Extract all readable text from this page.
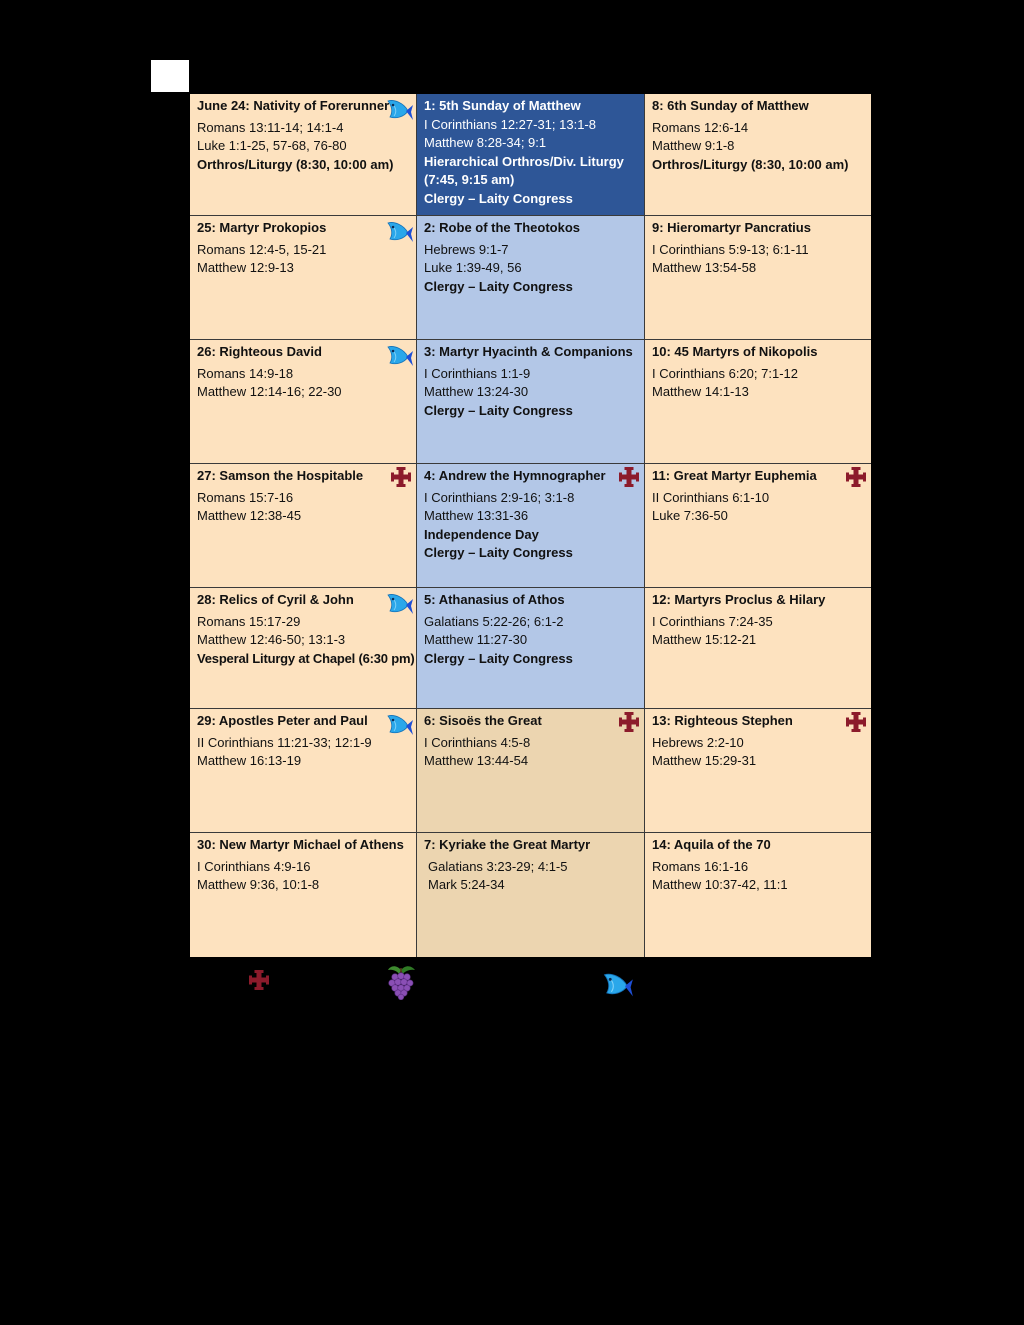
June 24: Nativity of Forerunner
Romans 13:11-14; 14:1-4
Luke 1:1-25, 57-68, 76-80
Orthros/Liturgy (8:30, 10:00 am)
1: 5th Sunday of Matthew
I Corinthians 12:27-31; 13:1-8
Matthew 8:28-34; 9:1
Hierarchical Orthros/Div. Liturgy
(7:45, 9:15 am)
Clergy – Laity Congress
8: 6th Sunday of Matthew
Romans 12:6-14
Matthew 9:1-8
Orthros/Liturgy (8:30, 10:00 am)
25: Martyr Prokopios
Romans 12:4-5, 15-21
Matthew 12:9-13
2: Robe of the Theotokos
Hebrews 9:1-7
Luke 1:39-49, 56
Clergy – Laity Congress
9: Hieromartyr Pancratius
I Corinthians 5:9-13; 6:1-11
Matthew 13:54-58
26: Righteous David
Romans 14:9-18
Matthew 12:14-16; 22-30
3: Martyr Hyacinth & Companions
I Corinthians 1:1-9
Matthew 13:24-30
Clergy – Laity Congress
10: 45 Martyrs of Nikopolis
I Corinthians 6:20; 7:1-12
Matthew 14:1-13
27: Samson the Hospitable
Romans 15:7-16
Matthew 12:38-45
4: Andrew the Hymnographer
I Corinthians 2:9-16; 3:1-8
Matthew 13:31-36
Independence Day
Clergy – Laity Congress
11: Great Martyr Euphemia
II Corinthians 6:1-10
Luke 7:36-50
28: Relics of Cyril & John
Romans 15:17-29
Matthew 12:46-50; 13:1-3
Vesperal Liturgy at Chapel (6:30 pm)
5: Athanasius of Athos
Galatians 5:22-26; 6:1-2
Matthew 11:27-30
Clergy – Laity Congress
12: Martyrs Proclus & Hilary
I Corinthians 7:24-35
Matthew 15:12-21
29: Apostles Peter and Paul
II Corinthians 11:21-33; 12:1-9
Matthew 16:13-19
6: Sisoës the Great
I Corinthians 4:5-8
Matthew 13:44-54
13: Righteous Stephen
Hebrews 2:2-10
Matthew 15:29-31
30: New Martyr Michael of Athens
I Corinthians 4:9-16
Matthew 9:36, 10:1-8
7: Kyriake the Great Martyr
Galatians 3:23-29; 4:1-5
Mark 5:24-34
14: Aquila of the 70
Romans 16:1-16
Matthew 10:37-42, 11:1
